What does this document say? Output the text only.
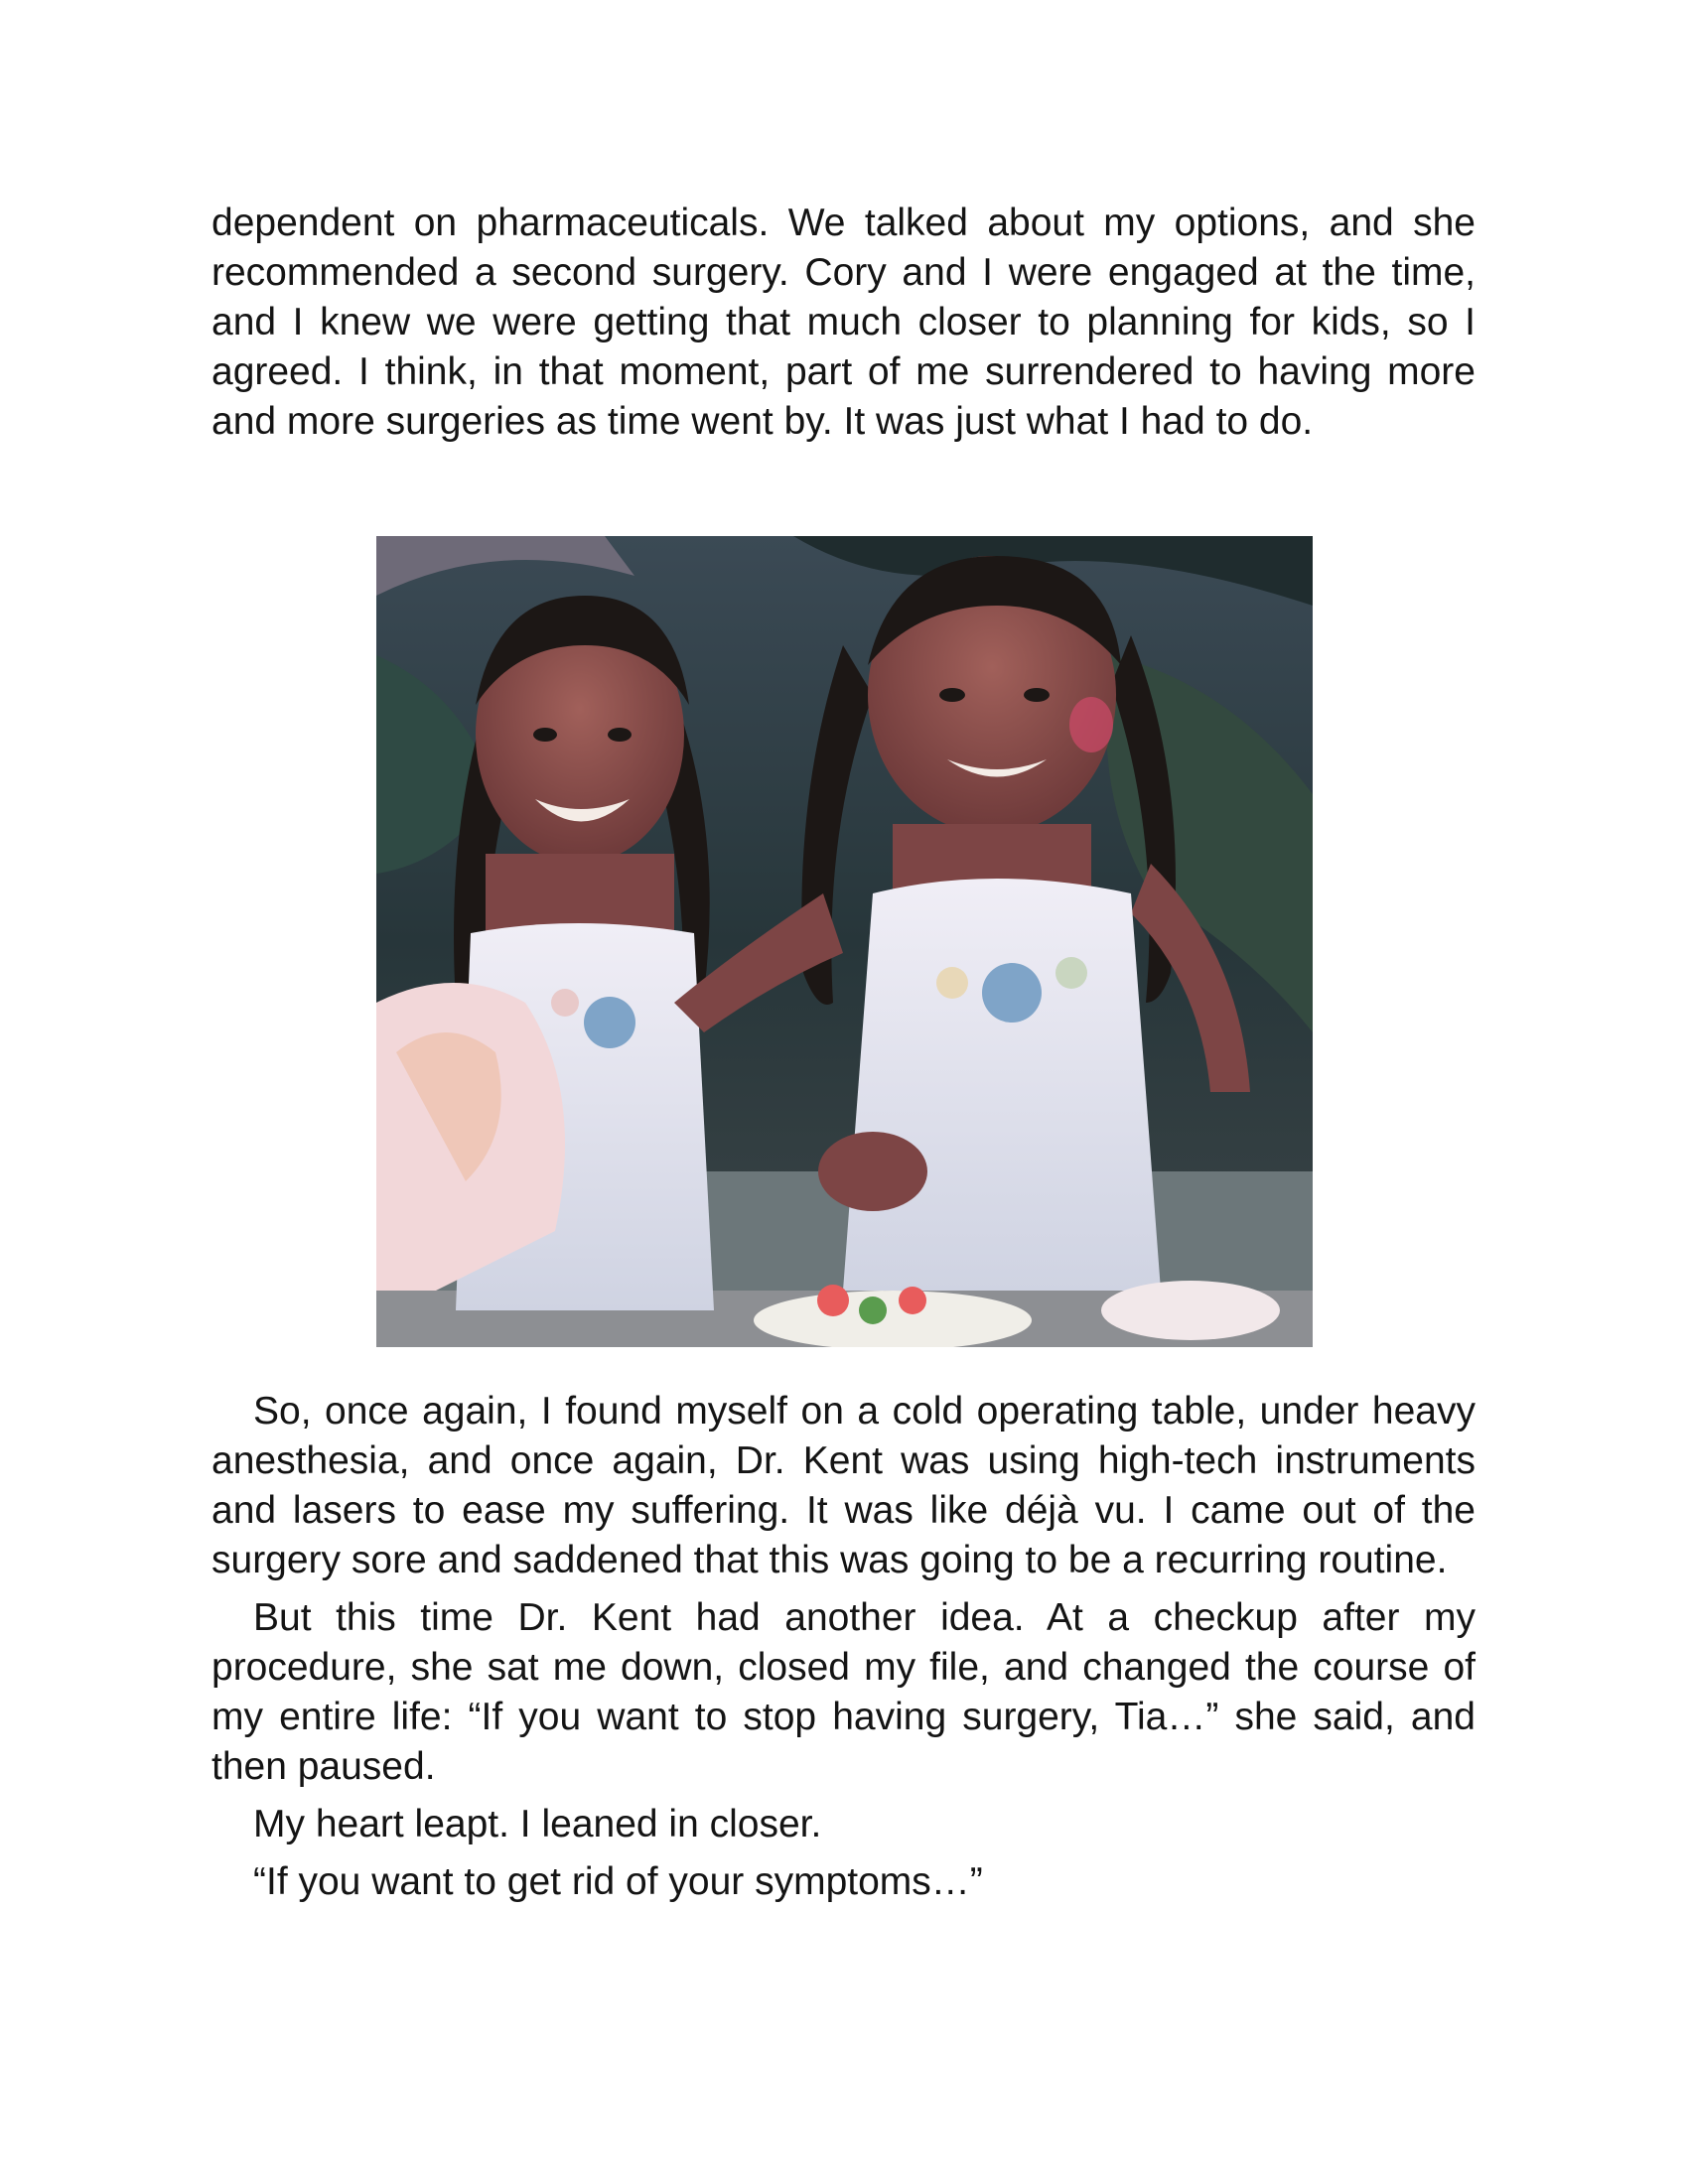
dependent on pharmaceuticals. We talked about my options, and she recommended a second surgery. Cory and I were engaged at the time, and I knew we were getting that much closer to planning for kids, so I agreed. I think, in that moment, part of me surrendered to having more and more surgeries as time went by. It was just what I had to do.

So, once again, I found myself on a cold operating table, under heavy anesthesia, and once again, Dr. Kent was using high-tech instruments and lasers to ease my suffering. It was like déjà vu. I came out of the surgery sore and saddened that this was going to be a recurring routine.

But this time Dr. Kent had another idea. At a checkup after my procedure, she sat me down, closed my file, and changed the course of my entire life: “If you want to stop having surgery, Tia…” she said, and then paused.

My heart leapt. I leaned in closer.

“If you want to get rid of your symptoms…”
